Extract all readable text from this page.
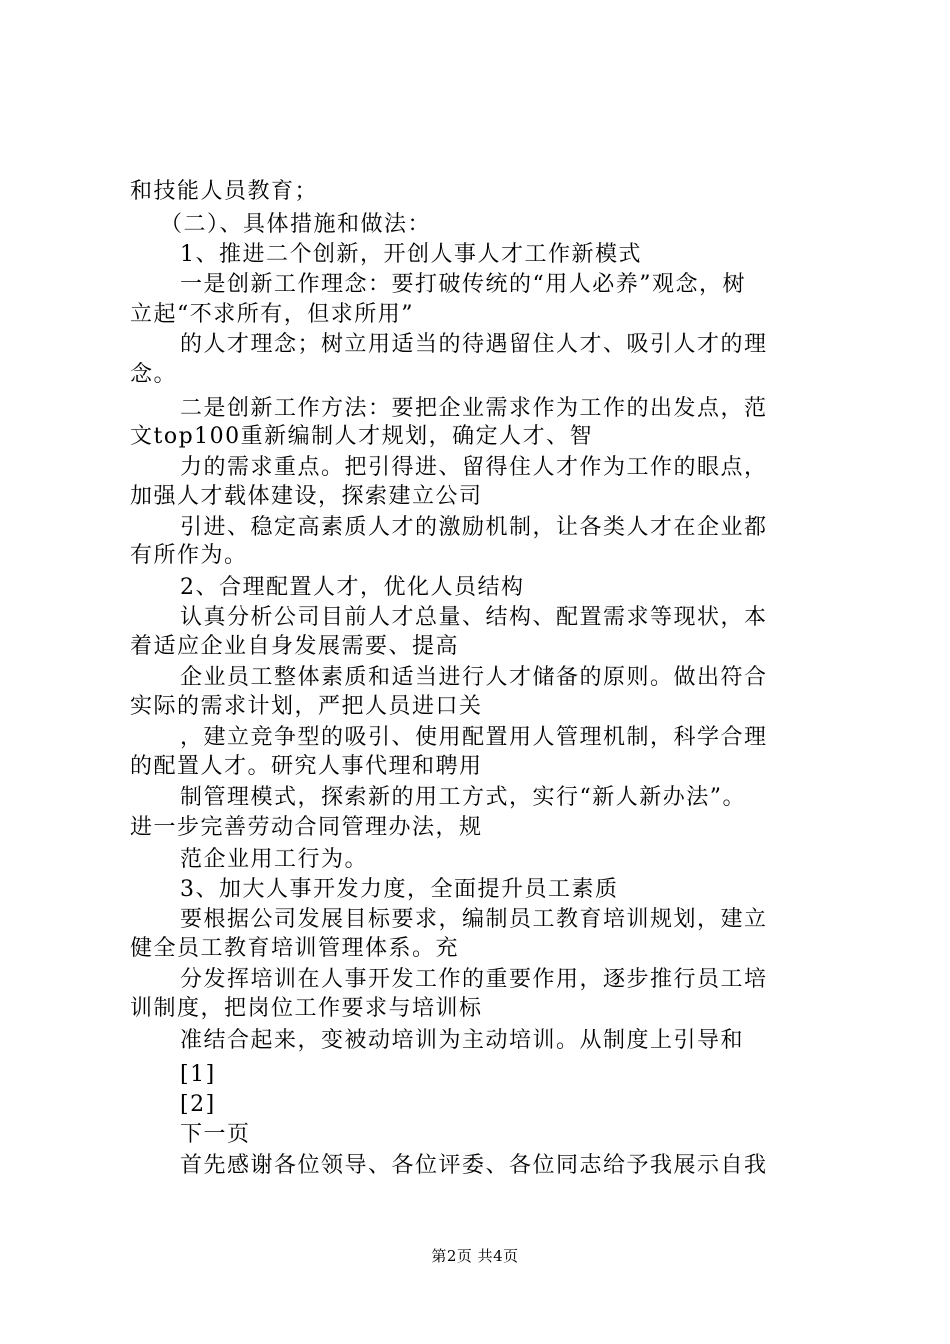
和技能人员教育；
（二）、具体措施和做法：
1、推进二个创新，开创人事人才工作新模式
一是创新工作理念：要打破传统的“用人必养”观念，树
立起“不求所有，但求所用”
的人才理念；树立用适当的待遇留住人才、吸引人才的理
念。
二是创新工作方法：要把企业需求作为工作的出发点，范
文top100重新编制人才规划，确定人才、智
力的需求重点。把引得进、留得住人才作为工作的眼点，
加强人才载体建设，探索建立公司
引进、稳定高素质人才的激励机制，让各类人才在企业都
有所作为。
2、合理配置人才，优化人员结构
认真分析公司目前人才总量、结构、配置需求等现状，本
着适应企业自身发展需要、提高
企业员工整体素质和适当进行人才储备的原则。做出符合
实际的需求计划，严把人员进口关
，建立竞争型的吸引、使用配置用人管理机制，科学合理
的配置人才。研究人事代理和聘用
制管理模式，探索新的用工方式，实行“新人新办法”。
进一步完善劳动合同管理办法，规
范企业用工行为。
3、加大人事开发力度，全面提升员工素质
要根据公司发展目标要求，编制员工教育培训规划，建立
健全员工教育培训管理体系。充
分发挥培训在人事开发工作的重要作用，逐步推行员工培
训制度，把岗位工作要求与培训标
准结合起来，变被动培训为主动培训。从制度上引导和
[1]
[2]
下一页
首先感谢各位领导、各位评委、各位同志给予我展示自我
第2页 共4页
